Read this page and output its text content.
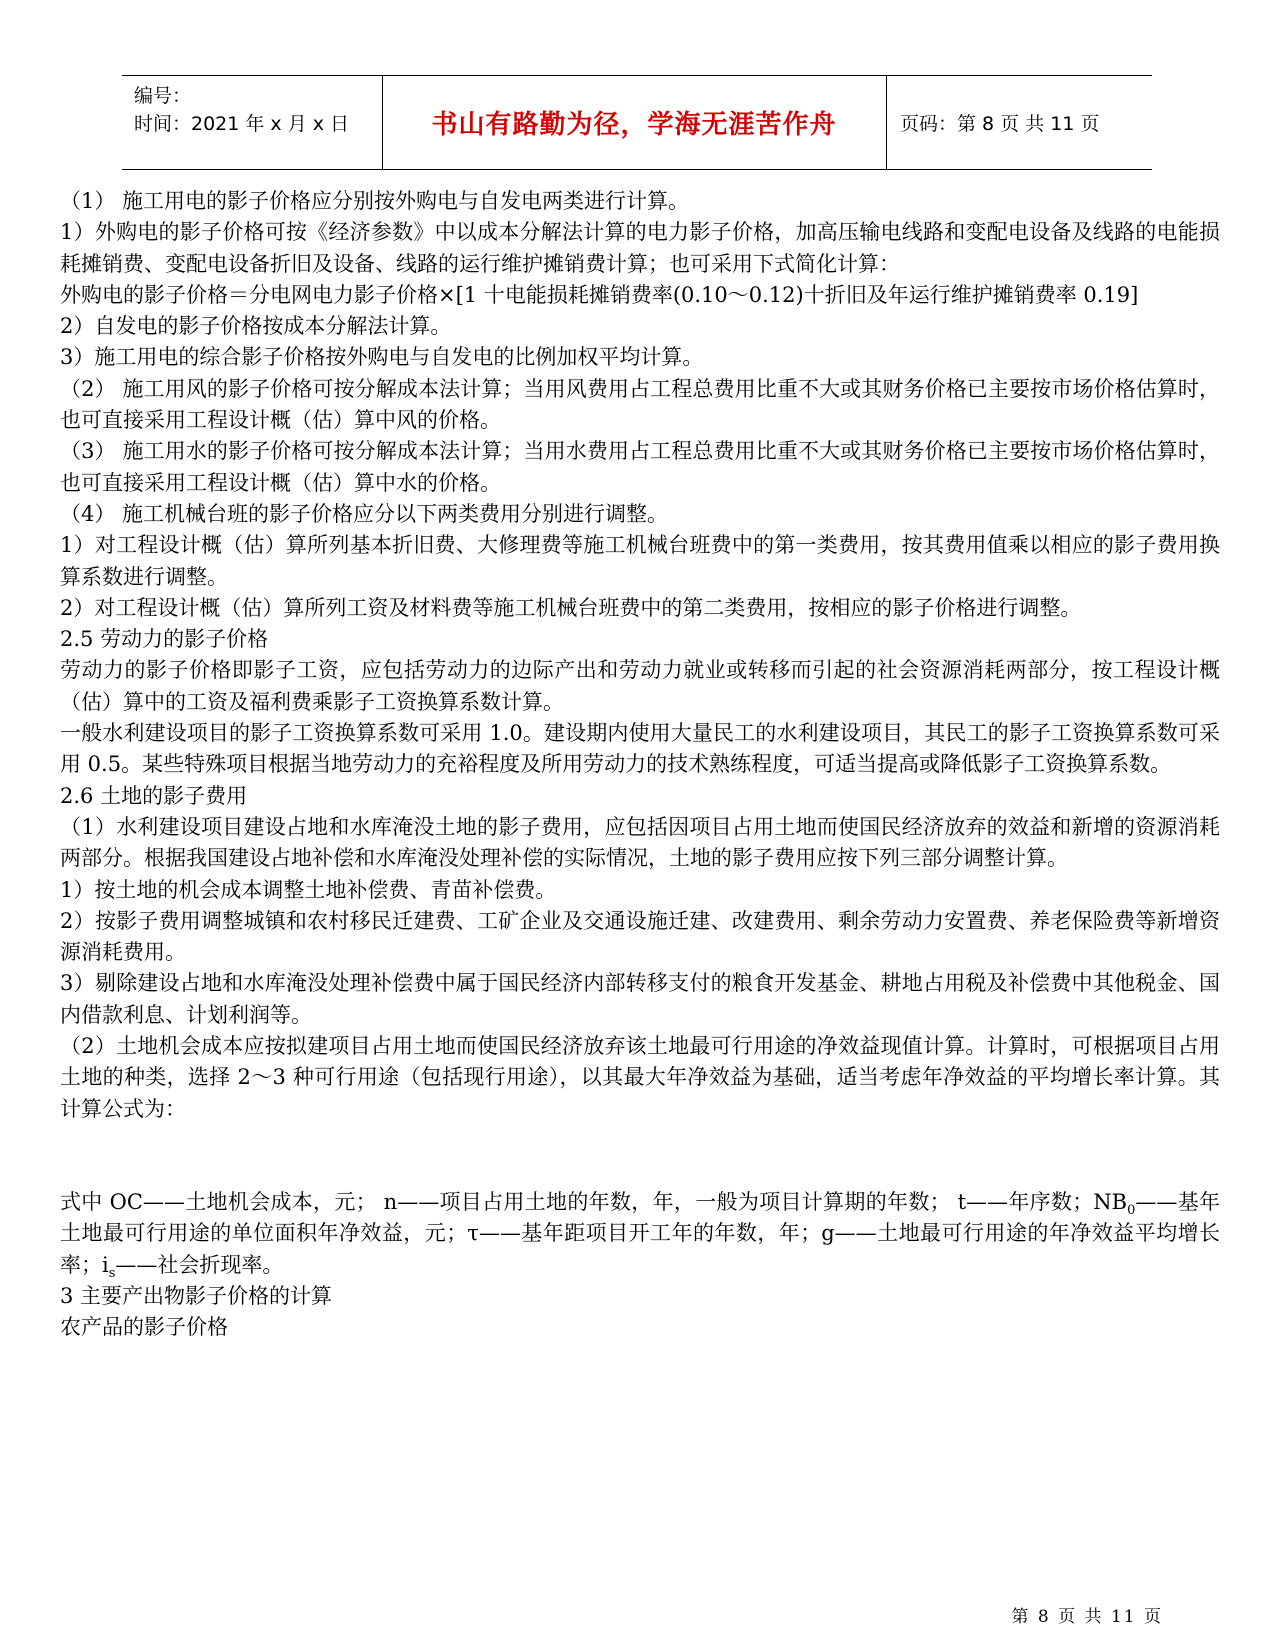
编号：
时间：2021 年 x 月 x 日	书山有路勤为径，学海无涯苦作舟	页码：第 8 页 共 11 页

（1） 施工用电的影子价格应分别按外购电与自发电两类进行计算。

1）外购电的影子价格可按《经济参数》中以成本分解法计算的电力影子价格，加高压输电线路和变配电设备及线路的电能损耗摊销费、变配电设备折旧及设备、线路的运行维护摊销费计算；也可采用下式简化计算：

外购电的影子价格＝分电网电力影子价格×[1 十电能损耗摊销费率(0.10～0.12)十折旧及年运行维护摊销费率 0.19]

2）自发电的影子价格按成本分解法计算。

3）施工用电的综合影子价格按外购电与自发电的比例加权平均计算。

（2） 施工用风的影子价格可按分解成本法计算；当用风费用占工程总费用比重不大或其财务价格已主要按市场价格估算时，也可直接采用工程设计概（估）算中风的价格。

（3） 施工用水的影子价格可按分解成本法计算；当用水费用占工程总费用比重不大或其财务价格已主要按市场价格估算时，也可直接采用工程设计概（估）算中水的价格。

（4） 施工机械台班的影子价格应分以下两类费用分别进行调整。

1）对工程设计概（估）算所列基本折旧费、大修理费等施工机械台班费中的第一类费用，按其费用值乘以相应的影子费用换算系数进行调整。

2）对工程设计概（估）算所列工资及材料费等施工机械台班费中的第二类费用，按相应的影子价格进行调整。

2.5 劳动力的影子价格

劳动力的影子价格即影子工资，应包括劳动力的边际产出和劳动力就业或转移而引起的社会资源消耗两部分，按工程设计概（估）算中的工资及福利费乘影子工资换算系数计算。

一般水利建设项目的影子工资换算系数可采用 1.0。建设期内使用大量民工的水利建设项目，其民工的影子工资换算系数可采用 0.5。某些特殊项目根据当地劳动力的充裕程度及所用劳动力的技术熟练程度，可适当提高或降低影子工资换算系数。

2.6 土地的影子费用

（1）水利建设项目建设占地和水库淹没土地的影子费用，应包括因项目占用土地而使国民经济放弃的效益和新增的资源消耗两部分。根据我国建设占地补偿和水库淹没处理补偿的实际情况，土地的影子费用应按下列三部分调整计算。

1）按土地的机会成本调整土地补偿费、青苗补偿费。

2）按影子费用调整城镇和农村移民迁建费、工矿企业及交通设施迁建、改建费用、剩余劳动力安置费、养老保险费等新增资源消耗费用。

3）剔除建设占地和水库淹没处理补偿费中属于国民经济内部转移支付的粮食开发基金、耕地占用税及补偿费中其他税金、国内借款利息、计划利润等。

（2）土地机会成本应按拟建项目占用土地而使国民经济放弃该土地最可行用途的净效益现值计算。计算时，可根据项目占用土地的种类，选择 2～3 种可行用途（包括现行用途），以其最大年净效益为基础，适当考虑年净效益的平均增长率计算。其计算公式为：

式中 OC——土地机会成本，元； n——项目占用土地的年数，年，一般为项目计算期的年数； t——年序数；$NB_0——$基年土地最可行用途的单位面积年净效益，元；τ——基年距项目开工年的年数，年；g——土地最可行用途的年净效益平均增长率；$i_s——$社会折现率。

3 主要产出物影子价格的计算

农产品的影子价格

第 8 页 共 11 页
